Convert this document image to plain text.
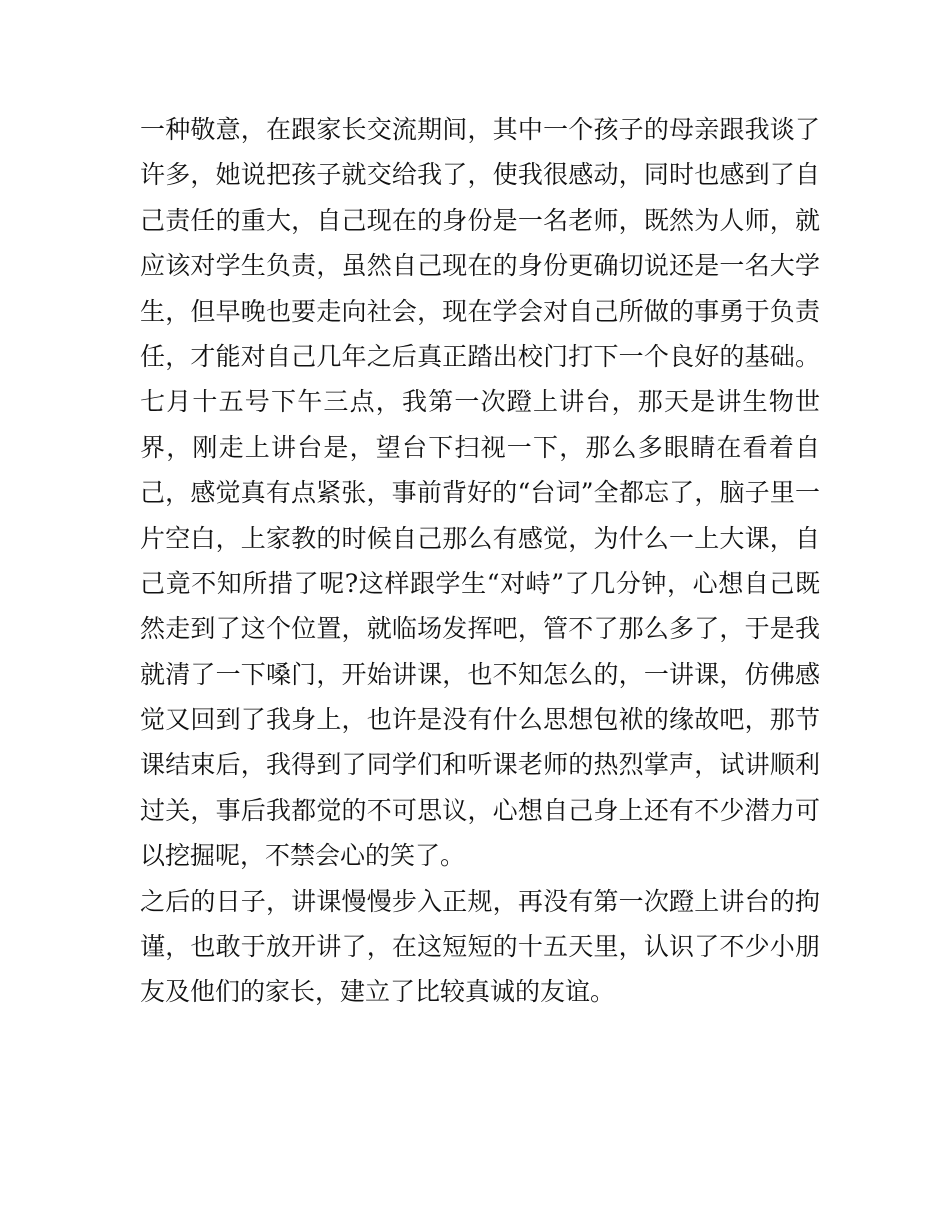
一种敬意，在跟家长交流期间，其中一个孩子的母亲跟我谈了
许多，她说把孩子就交给我了，使我很感动，同时也感到了自
己责任的重大，自己现在的身份是一名老师，既然为人师，就
应该对学生负责，虽然自己现在的身份更确切说还是一名大学
生，但早晚也要走向社会，现在学会对自己所做的事勇于负责
任，才能对自己几年之后真正踏出校门打下一个良好的基础。
七月十五号下午三点，我第一次蹬上讲台，那天是讲生物世
界，刚走上讲台是，望台下扫视一下，那么多眼睛在看着自
己，感觉真有点紧张，事前背好的“台词”全都忘了，脑子里一
片空白，上家教的时候自己那么有感觉，为什么一上大课，自
己竟不知所措了呢?这样跟学生“对峙”了几分钟，心想自己既
然走到了这个位置，就临场发挥吧，管不了那么多了，于是我
就清了一下嗓门，开始讲课，也不知怎么的，一讲课，仿佛感
觉又回到了我身上，也许是没有什么思想包袱的缘故吧，那节
课结束后，我得到了同学们和听课老师的热烈掌声，试讲顺利
过关，事后我都觉的不可思议，心想自己身上还有不少潜力可
以挖掘呢，不禁会心的笑了。
之后的日子，讲课慢慢步入正规，再没有第一次蹬上讲台的拘
谨，也敢于放开讲了，在这短短的十五天里，认识了不少小朋
友及他们的家长，建立了比较真诚的友谊。
